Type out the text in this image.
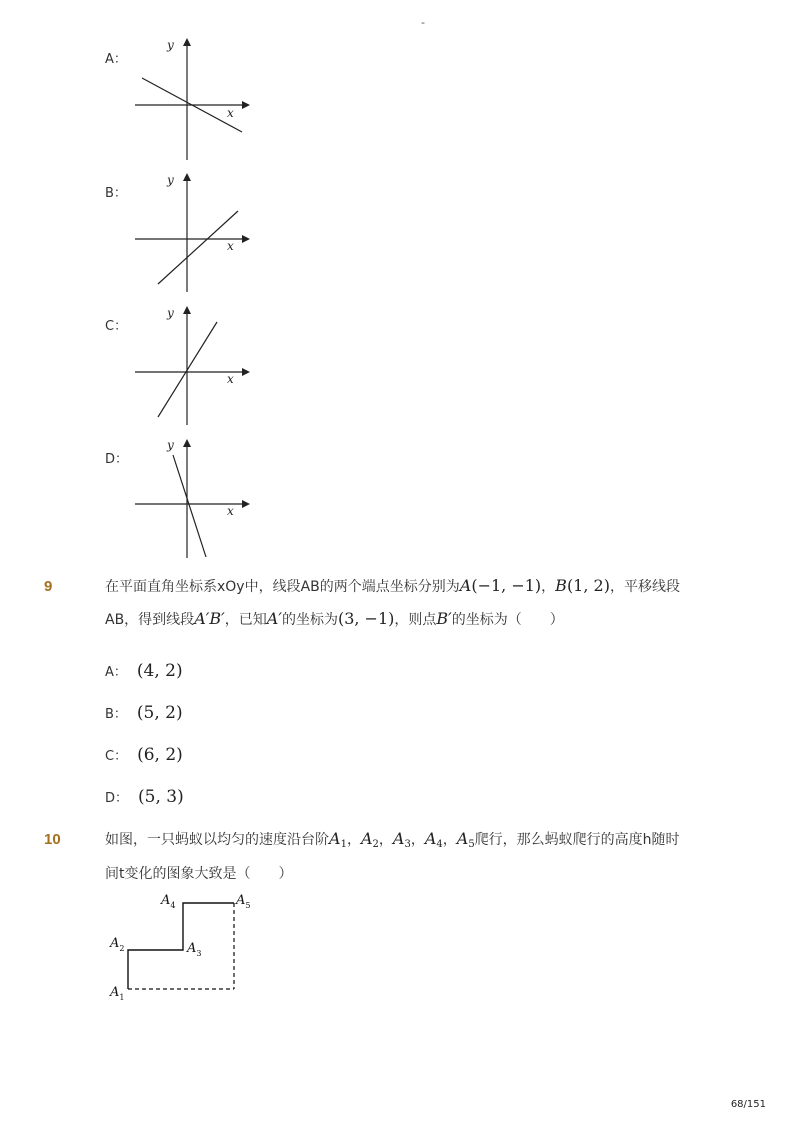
-
A：
x
y
B：
x
y
C：
x
y
D：
x
y
9	在平面直角坐标系xOy中，线段AB的两个端点坐标分别为A(−1, −1)，B(1, 2)，平移线段
AB，得到线段A′B′，已知A′的坐标为(3, −1)，则点B′的坐标为（　　）
A： (4, 2)
B： (5, 2)
C： (6, 2)
D： (5, 3)
10	如图，一只蚂蚁以均匀的速度沿台阶$A_1$，$A_2$，$A_3$，$A_4$，$A_5$爬行，那么蚂蚁爬行的高度h随时
间t变化的图象大致是（　　）
$A_1$
$A_2$	$A_3$
$A_4$	$A_5$
68/151
